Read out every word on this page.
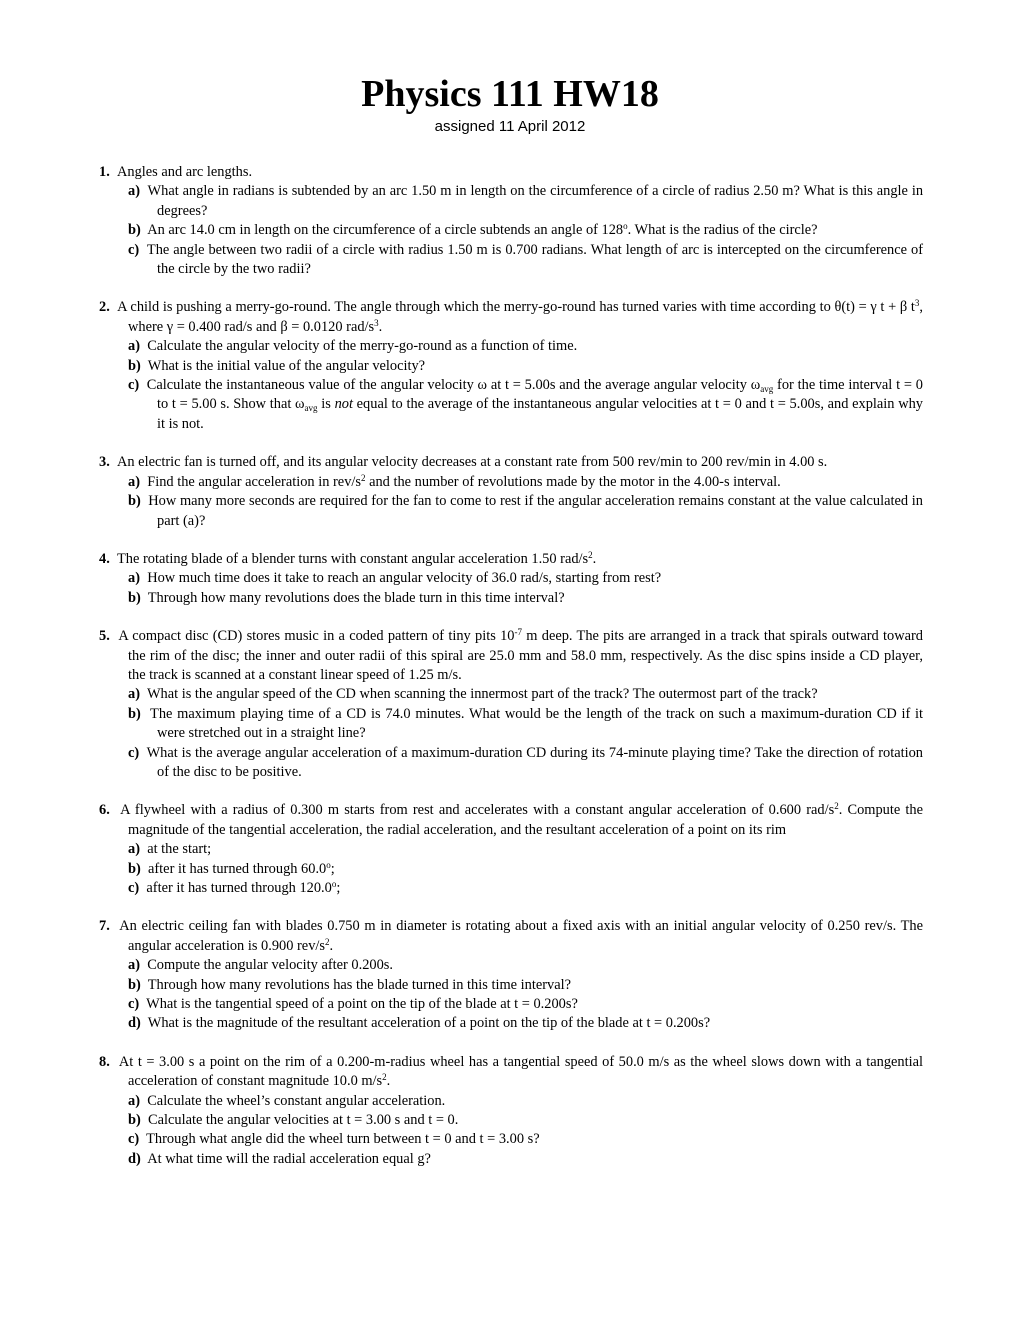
Physics 111 HW18
assigned 11 April 2012
1. Angles and arc lengths.
a) What angle in radians is subtended by an arc 1.50 m in length on the circumference of a circle of radius 2.50 m? What is this angle in degrees?
b) An arc 14.0 cm in length on the circumference of a circle subtends an angle of 128$^o$. What is the radius of the circle?
c) The angle between two radii of a circle with radius 1.50 m is 0.700 radians. What length of arc is intercepted on the circumference of the circle by the two radii?
2. A child is pushing a merry-go-round. The angle through which the merry-go-round has turned varies with time according to θ(t) = γ t + β $t^3$, where γ = 0.400 rad/s and β = 0.0120 rad/$s^3$.
a) Calculate the angular velocity of the merry-go-round as a function of time.
b) What is the initial value of the angular velocity?
c) Calculate the instantaneous value of the angular velocity ω at t = 5.00s and the average angular velocity $\omega_{avg}$ for the time interval t = 0 to t = 5.00 s. Show that $\omega_{avg}$ is not equal to the average of the instantaneous angular velocities at t = 0 and t = 5.00s, and explain why it is not.
3. An electric fan is turned off, and its angular velocity decreases at a constant rate from 500 rev/min to 200 rev/min in 4.00 s.
a) Find the angular acceleration in rev/$s^2$ and the number of revolutions made by the motor in the 4.00-s interval.
b) How many more seconds are required for the fan to come to rest if the angular acceleration remains constant at the value calculated in part (a)?
4. The rotating blade of a blender turns with constant angular acceleration 1.50 rad/$s^2$.
a) How much time does it take to reach an angular velocity of 36.0 rad/s, starting from rest?
b) Through how many revolutions does the blade turn in this time interval?
5. A compact disc (CD) stores music in a coded pattern of tiny pits $10^{-7}$ m deep. The pits are arranged in a track that spirals outward toward the rim of the disc; the inner and outer radii of this spiral are 25.0 mm and 58.0 mm, respectively. As the disc spins inside a CD player, the track is scanned at a constant linear speed of 1.25 m/s.
a) What is the angular speed of the CD when scanning the innermost part of the track? The outermost part of the track?
b) The maximum playing time of a CD is 74.0 minutes. What would be the length of the track on such a maximum-duration CD if it were stretched out in a straight line?
c) What is the average angular acceleration of a maximum-duration CD during its 74-minute playing time? Take the direction of rotation of the disc to be positive.
6. A flywheel with a radius of 0.300 m starts from rest and accelerates with a constant angular acceleration of 0.600 rad/$s^2$. Compute the magnitude of the tangential acceleration, the radial acceleration, and the resultant acceleration of a point on its rim
a) at the start;
b) after it has turned through 60.0$^o$;
c) after it has turned through 120.0$^o$;
7. An electric ceiling fan with blades 0.750 m in diameter is rotating about a fixed axis with an initial angular velocity of 0.250 rev/s. The angular acceleration is 0.900 rev/$s^2$.
a) Compute the angular velocity after 0.200s.
b) Through how many revolutions has the blade turned in this time interval?
c) What is the tangential speed of a point on the tip of the blade at t = 0.200s?
d) What is the magnitude of the resultant acceleration of a point on the tip of the blade at t = 0.200s?
8. At t = 3.00 s a point on the rim of a 0.200-m-radius wheel has a tangential speed of 50.0 m/s as the wheel slows down with a tangential acceleration of constant magnitude 10.0 $m/s^2$.
a) Calculate the wheel’s constant angular acceleration.
b) Calculate the angular velocities at t = 3.00 s and t = 0.
c) Through what angle did the wheel turn between t = 0 and t = 3.00 s?
d) At what time will the radial acceleration equal g?
